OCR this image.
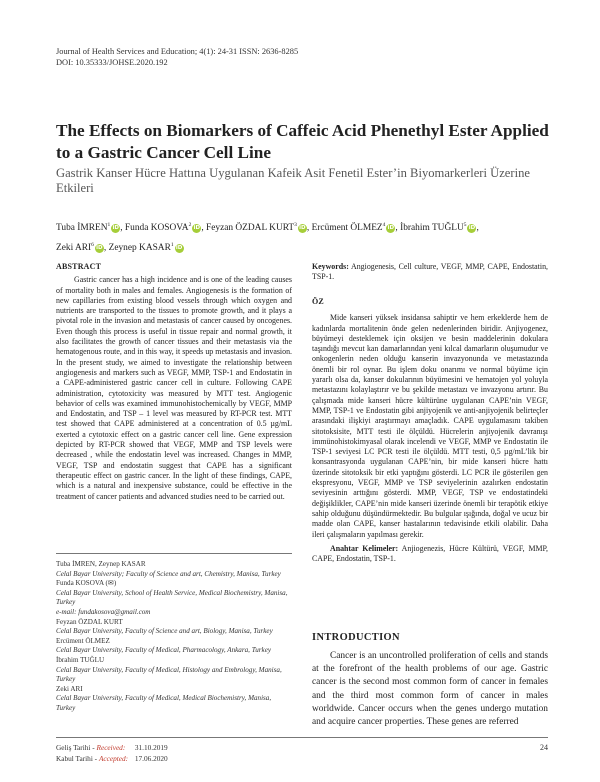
Journal of Health Services and Education; 4(1): 24-31 ISSN: 2636-8285
DOI: 10.35333/JOHSE.2020.192
The Effects on Biomarkers of Caffeic Acid Phenethyl Ester Applied to a Gastric Cancer Cell Line
Gastrik Kanser Hücre Hattına Uygulanan Kafeik Asit Fenetil Ester’in Biyomarkerleri Üzerine Etkileri
Tuba İMREN$^1$ iD, Funda KOSOVA$^2$ iD, Feyzan ÖZDAL KURT$^3$ iD, Ercüment ÖLMEZ$^4$ iD, İbrahim TUĞLU$^5$ iD,
Zeki ARI$^6$ iD, Zeynep KASAR$^1$ iD
ABSTRACT

Gastric cancer has a high incidence and is one of the leading causes of mortality both in males and females. Angiogenesis is the formation of new capillaries from existing blood vessels through which oxygen and nutrients are transported to the tissues to promote growth, and it plays a pivotal role in the invasion and metastasis of cancer caused by oncogenes. Even though this process is useful in tissue repair and normal growth, it also facilitates the growth of cancer tissues and their metastasis via the hematogenous route, and in this way, it speeds up metastasis and invasion. In the present study, we aimed to investigate the relationship between angiogenesis and markers such as VEGF, MMP, TSP-1 and Endostatin in a CAPE-administered gastric cancer cell in culture. Following CAPE administration, cytotoxicity was measured by MTT test. Angiogenic behavior of cells was examined immunohistochemically by VEGF, MMP and Endostatin, and TSP – 1 level was measured by RT-PCR test. MTT test showed that CAPE administered at a concentration of 0.5 µg/mL exerted a cytotoxic effect on a gastric cancer cell line. Gene expression depicted by RT-PCR showed that VEGF, MMP and TSP levels were decreased , while the endostatin level was increased. Changes in MMP, VEGF, TSP and endostatin suggest that CAPE has a significant therapeutic effect on gastric cancer. In the light of these findings, CAPE, which is a natural and inexpensive substance, could be effective in the treatment of cancer patients and advanced studies need to be carried out.

Tuba İMREN, Zeynep KASAR
Celal Bayar University; Faculty of Science and art, Chemistry, Manisa, Turkey
Funda KOSOVA (✉)
Celal Bayar University, School of Health Service, Medical Biochemistry, Manisa, Turkey
e-mail: fundakosova@gmail.com
Feyzan ÖZDAL KURT
Celal Bayar University, Faculty of Science and art, Biology, Manisa, Turkey
Ercüment ÖLMEZ
Celal Bayar University, Faculty of Medical, Pharmacology, Ankara, Turkey
İbrahim TUĞLU
Celal Bayar University, Faculty of Medical, Histology and Embrology, Manisa, Turkey
Zeki ARI
Celal Bayar University, Faculty of Medical, Medical Biochemistry, Manisa, Turkey
Geliş Tarihi - Received: 31.10.2019
Kabul Tarihi - Accepted: 17.06.2020
24

Keywords: Angiogenesis, Cell culture, VEGF, MMP, CAPE, Endostatin, TSP-1.

ÖZ

Mide kanseri yüksek insidansa sahiptir ve hem erkeklerde hem de kadınlarda mortalitenin önde gelen nedenlerinden biridir. Anjiyogenez, büyümeyi desteklemek için oksijen ve besin maddelerinin dokulara taşındığı mevcut kan damarlarından yeni kılcal damarların oluşumudur ve onkogenlerin neden olduğu kanserin invazyonunda ve metastazında önemli bir rol oynar. Bu işlem doku onarımı ve normal büyüme için yararlı olsa da, kanser dokularının büyümesini ve hematojen yol yoluyla metastazını kolaylaştırır ve bu şekilde metastazı ve invazyonu artırır. Bu çalışmada mide kanseri hücre kültürüne uygulanan CAPE’nin VEGF, MMP, TSP-1 ve Endostatin gibi anjiyojenik ve anti-anjiyojenik belirteçler arasındaki ilişkiyi araştırmayı amaçladık. CAPE uygulamasını takiben sitotoksisite, MTT testi ile ölçüldü. Hücrelerin anjiyojenik davranışı immünohistokimyasal olarak incelendi ve VEGF, MMP ve Endostatin ile TSP-1 seviyesi LC PCR testi ile ölçüldü. MTT testi, 0,5 µg/mL’lik bir konsantrasyonda uygulanan CAPE’nin, bir mide kanseri hücre hattı üzerinde sitotoksik bir etki yaptığını gösterdi. LC PCR ile gösterilen gen ekspresyonu, VEGF, MMP ve TSP seviyelerinin azalırken endostatin seviyesinin arttığını gösterdi. MMP, VEGF, TSP ve endostatindeki değişiklikler, CAPE’nin mide kanseri üzerinde önemli bir terapötik etkiye sahip olduğunu düşündürmektedir. Bu bulgular ışığında, doğal ve ucuz bir madde olan CAPE, kanser hastalarının tedavisinde etkili olabilir. Daha ileri çalışmaların yapılması gerekir.

Anahtar Kelimeler: Anjiogenezis, Hücre Kültürü, VEGF, MMP, CAPE, Endostatin, TSP-1.

INTRODUCTION

Cancer is an uncontrolled proliferation of cells and stands at the forefront of the health problems of our age. Gastric cancer is the second most common form of cancer in females and the third most common form of cancer in males worldwide. Cancer occurs when the genes undergo mutation and acquire cancer properties. These genes are referred
